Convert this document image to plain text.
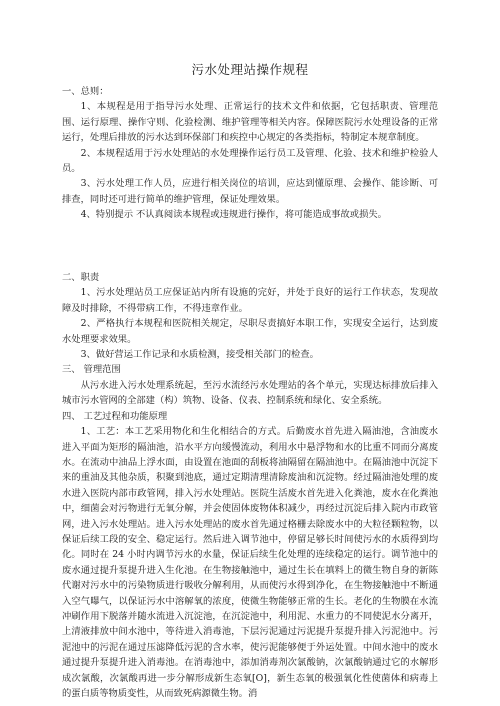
污水处理站操作规程

一、总则：

1、本规程是用于指导污水处理、正常运行的技术文件和依据，它包括职责、管理范围、运行原理、操作守则、化验检测、维护管理等相关内容。保障医院污水处理设备的正常运行，处理后排放的污水达到环保部门和疾控中心规定的各类指标，特制定本规章制度。

2、本规程适用于污水处理站的水处理操作运行员工及管理、化验、技术和维护检验人员。

3、污水处理工作人员，应进行相关岗位的培训，应达到懂原理、会操作、能诊断、可排查，同时还可进行简单的维护管理，保证处理效果。

4、特别提示 不认真阅读本规程或违规进行操作，将可能造成事故或损失。

二、职责

1、污水处理站员工应保证站内所有设施的完好，并处于良好的运行工作状态，发现故障及时排除，不得带病工作，不得违章作业。

2、严格执行本规程和医院相关规定，尽职尽责搞好本职工作，实现安全运行，达到废水处理要求效果。

3、做好营运工作记录和水质检测，接受相关部门的检查。

三、 管理范围

从污水进入污水处理系统起，至污水流经污水处理站的各个单元，实现达标排放后排入城市污水管网的全部建（构）筑物、设备、仪表、控制系统和绿化、安全系统。

四、 工艺过程和功能原理

1、工艺：本工艺采用物化和生化相结合的方式。后勤废水首先进入隔油池，含油废水进入平面为矩形的隔油池，沿水平方向缓慢流动，利用水中悬浮物和水的比重不同而分离废水。在流动中油品上浮水面，由设置在池面的刮板将油隔留在隔油池中。在隔油池中沉淀下来的重油及其他杂质，积聚到池底，通过定期清理清除废油和沉淀物。经过隔油池处理的废水进入医院内部市政管网，排入污水处理站。医院生活废水首先进入化粪池，废水在化粪池中，细菌会对污物进行无氧分解，并会使固体废物体积减少，再经过沉淀后排入院内市政管网，进入污水处理站。进入污水处理站的废水首先通过格栅去除废水中的大粒径颗粒物，以保证后续工段的安全、稳定运行。然后进入调节池中，停留足够长时间使污水的水质得到均化。同时在 24 小时内调节污水的水量，保证后续生化处理的连续稳定的运行。调节池中的废水通过提升泵提升进入生化池。在生物接触池中，通过生长在填料上的微生物自身的新陈代谢对污水中的污染物质进行吸收分解利用，从而使污水得到净化，在生物接触池中不断通入空气曝气，以保证污水中溶解氧的浓度，使微生物能够正常的生长。老化的生物膜在水流冲刷作用下脱落并随水流进入沉淀池，在沉淀池中，利用泥、水重力的不同使泥水分离开，上清液排放中间水池中，等待进入消毒池，下层污泥通过污泥提升泵提升排入污泥池中。污泥池中的污泥在通过压滤降低污泥的含水率，使污泥能够便于外运处置。中间水池中的废水通过提升泵提升进入消毒池。在消毒池中，添加消毒剂次氯酸钠，次氯酸钠通过它的水解形成次氯酸，次氯酸再进一步分解形成新生态氧[O]，新生态氧的极强氧化性使菌体和病毒上的蛋白质等物质变性，从而致死病源微生物。消
